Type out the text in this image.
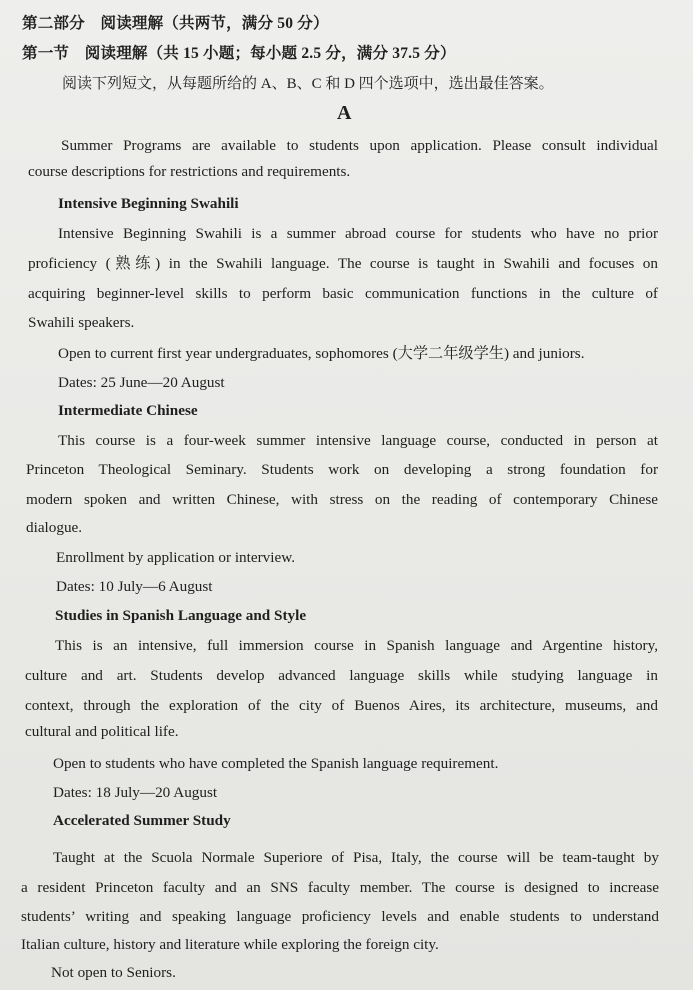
第二部分　阅读理解（共两节，满分 50 分）
第一节　阅读理解（共 15 小题；每小题 2.5 分，满分 37.5 分）
阅读下列短文，从每题所给的 A、B、C 和 D 四个选项中，选出最佳答案。
A
Summer Programs are available to students upon application. Please consult individual
course descriptions for restrictions and requirements.
Intensive Beginning Swahili
Intensive Beginning Swahili is a summer abroad course for students who have no prior
proficiency (熟练) in the Swahili language. The course is taught in Swahili and focuses on
acquiring beginner-level skills to perform basic communication functions in the culture of
Swahili speakers.
Open to current first year undergraduates, sophomores (大学二年级学生) and juniors.
Dates: 25 June—20 August
Intermediate Chinese
This course is a four-week summer intensive language course, conducted in person at
Princeton Theological Seminary. Students work on developing a strong foundation for
modern spoken and written Chinese, with stress on the reading of contemporary Chinese
dialogue.
Enrollment by application or interview.
Dates: 10 July—6 August
Studies in Spanish Language and Style
This is an intensive, full immersion course in Spanish language and Argentine history,
culture and art. Students develop advanced language skills while studying language in
context, through the exploration of the city of Buenos Aires, its architecture, museums, and
cultural and political life.
Open to students who have completed the Spanish language requirement.
Dates: 18 July—20 August
Accelerated Summer Study
Taught at the Scuola Normale Superiore of Pisa, Italy, the course will be team-taught by
a resident Princeton faculty and an SNS faculty member. The course is designed to increase
students’ writing and speaking language proficiency levels and enable students to understand
Italian culture, history and literature while exploring the foreign city.
Not open to Seniors.
